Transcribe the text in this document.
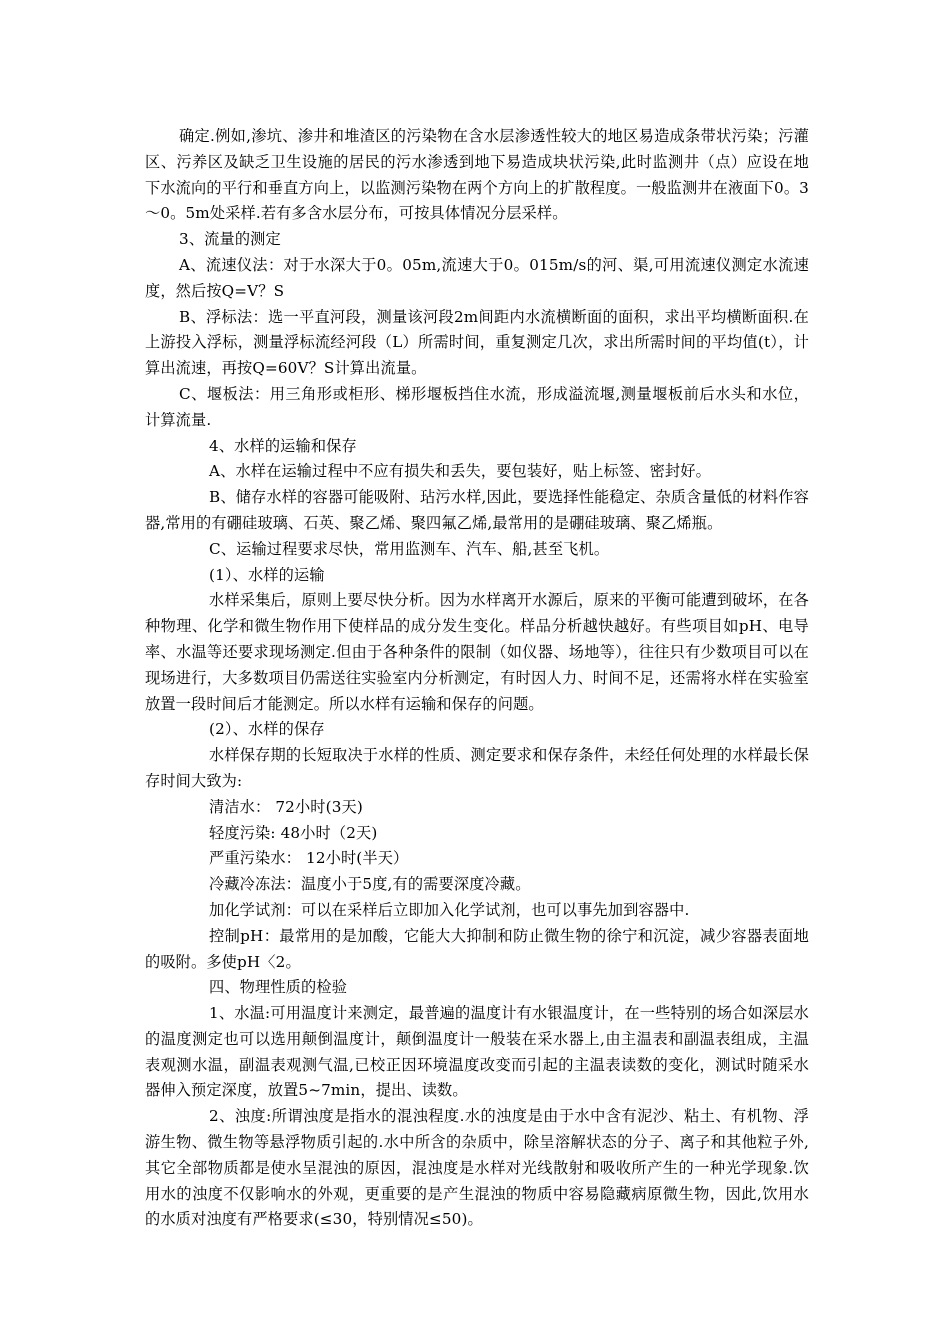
确定.例如,渗坑、渗井和堆渣区的污染物在含水层渗透性较大的地区易造成条带状污染；污灌区、污养区及缺乏卫生设施的居民的污水渗透到地下易造成块状污染,此时监测井（点）应设在地下水流向的平行和垂直方向上，以监测污染物在两个方向上的扩散程度。一般监测井在液面下0。3～0。5m处采样.若有多含水层分布，可按具体情况分层采样。

3、流量的测定

A、流速仪法：对于水深大于0。05m,流速大于0。015m/s的河、渠,可用流速仪测定水流速度，然后按Q=V？S

B、浮标法：选一平直河段，测量该河段2m间距内水流横断面的面积，求出平均横断面积.在上游投入浮标，测量浮标流经河段（L）所需时间，重复测定几次，求出所需时间的平均值(t），计算出流速，再按Q=60V？S计算出流量。

C、堰板法：用三角形或柜形、梯形堰板挡住水流，形成溢流堰,测量堰板前后水头和水位，计算流量.

4、水样的运输和保存

A、水样在运输过程中不应有损失和丢失，要包装好，贴上标签、密封好。

B、储存水样的容器可能吸附、玷污水样,因此，要选择性能稳定、杂质含量低的材料作容器,常用的有硼硅玻璃、石英、聚乙烯、聚四氟乙烯,最常用的是硼硅玻璃、聚乙烯瓶。

C、运输过程要求尽快，常用监测车、汽车、船,甚至飞机。

(1）、水样的运输

水样采集后，原则上要尽快分析。因为水样离开水源后，原来的平衡可能遭到破坏，在各种物理、化学和微生物作用下使样品的成分发生变化。样品分析越快越好。有些项目如pH、电导率、水温等还要求现场测定.但由于各种条件的限制（如仪器、场地等），往往只有少数项目可以在现场进行，大多数项目仍需送往实验室内分析测定，有时因人力、时间不足，还需将水样在实验室放置一段时间后才能测定。所以水样有运输和保存的问题。

(2）、水样的保存

水样保存期的长短取决于水样的性质、测定要求和保存条件，未经任何处理的水样最长保存时间大致为:

清洁水： 72小时(3天)

轻度污染: 48小时（2天)

严重污染水： 12小时(半天）

冷藏冷冻法：温度小于5度,有的需要深度冷藏。

加化学试剂：可以在采样后立即加入化学试剂，也可以事先加到容器中.

控制pH：最常用的是加酸，它能大大抑制和防止微生物的徐宁和沉淀，减少容器表面地的吸附。多使pH〈2。

四、物理性质的检验

1、水温:可用温度计来测定，最普遍的温度计有水银温度计，在一些特别的场合如深层水的温度测定也可以选用颠倒温度计，颠倒温度计一般装在采水器上,由主温表和副温表组成，主温表观测水温，副温表观测气温,已校正因环境温度改变而引起的主温表读数的变化，测试时随采水器伸入预定深度，放置5~7min，提出、读数。

2、浊度:所谓浊度是指水的混浊程度.水的浊度是由于水中含有泥沙、粘土、有机物、浮游生物、微生物等悬浮物质引起的.水中所含的杂质中，除呈溶解状态的分子、离子和其他粒子外,其它全部物质都是使水呈混浊的原因，混浊度是水样对光线散射和吸收所产生的一种光学现象.饮用水的浊度不仅影响水的外观，更重要的是产生混浊的物质中容易隐藏病原微生物，因此,饮用水的水质对浊度有严格要求(≤30，特别情况≤50)。
